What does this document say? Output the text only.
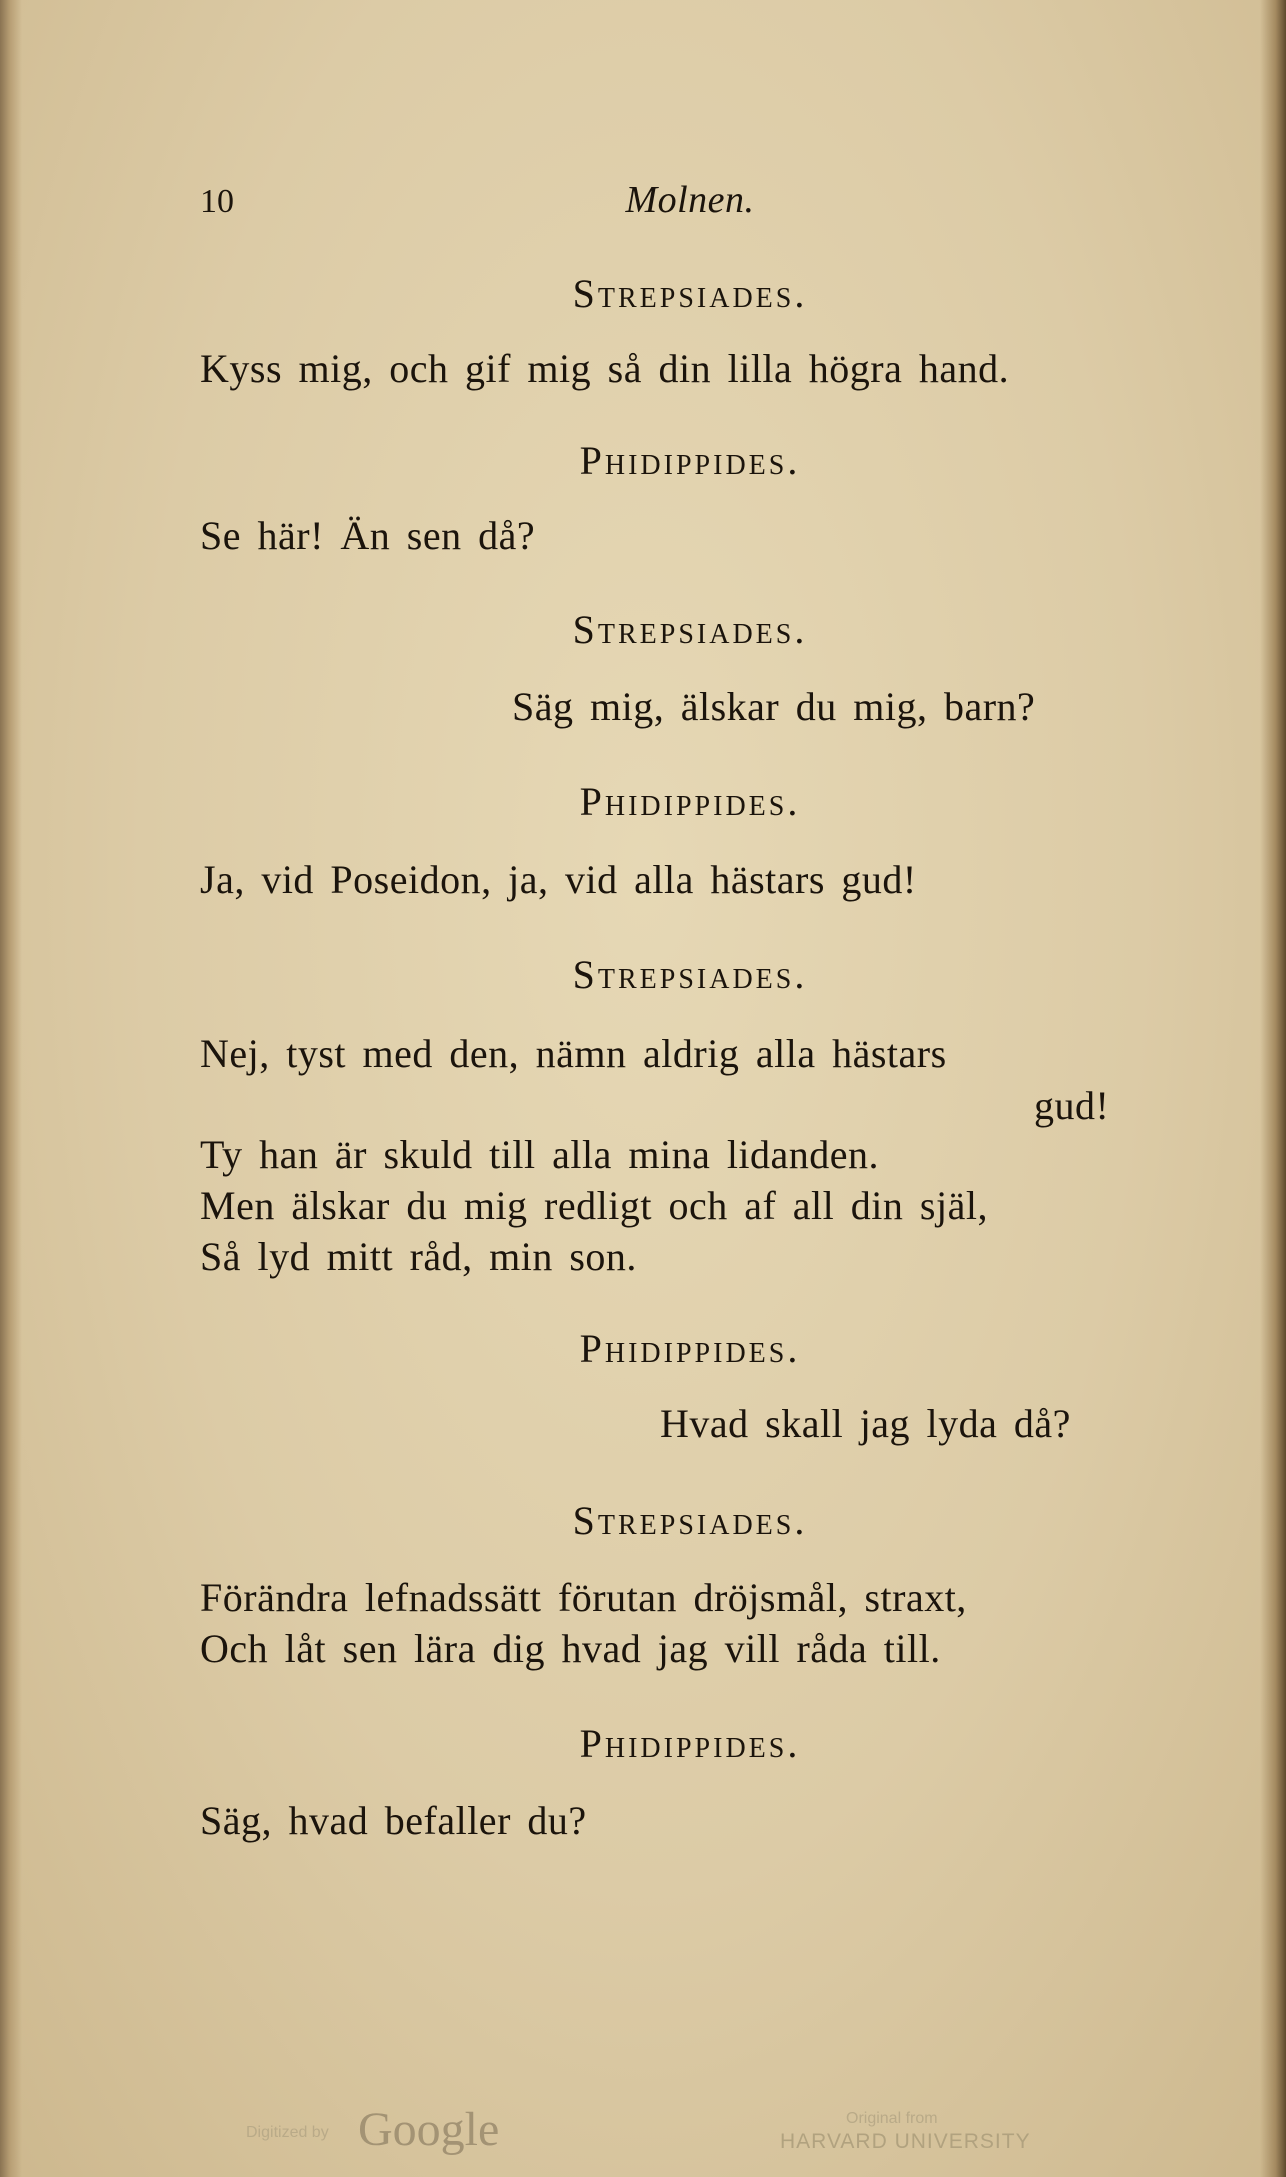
10	Molnen.
Strepsiades.
Kyss mig, och gif mig så din lilla högra hand.
Phidippides.
Se här! Än sen då?
Strepsiades.
Säg mig, älskar du mig, barn?
Phidippides.
Ja, vid Poseidon, ja, vid alla hästars gud!
Strepsiades.
Nej, tyst med den, nämn aldrig alla hästars
gud!
Ty han är skuld till alla mina lidanden.
Men älskar du mig redligt och af all din själ,
Så lyd mitt råd, min son.
Phidippides.
Hvad skall jag lyda då?
Strepsiades.
Förändra lefnadssätt förutan dröjsmål, straxt,
Och låt sen lära dig hvad jag vill råda till.
Phidippides.
Säg, hvad befaller du?
Digitized by Google	Original from
HARVARD UNIVERSITY
